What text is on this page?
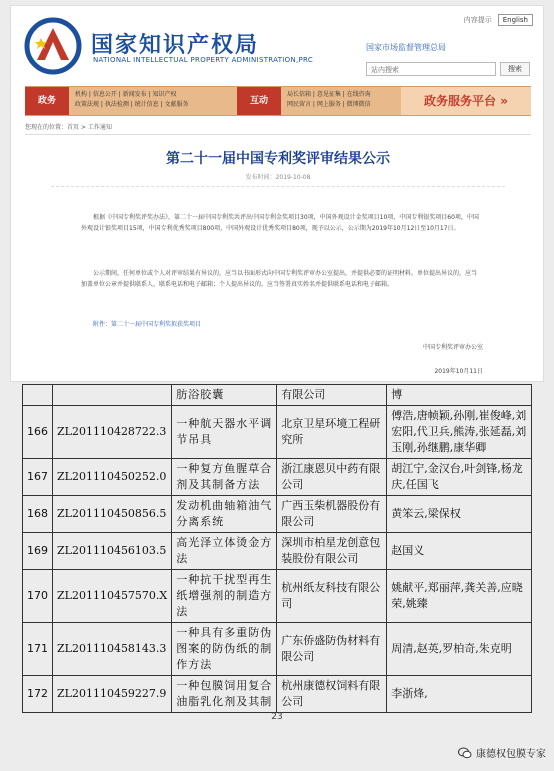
国家知识产权局
NATIONAL INTELLECTUAL PROPERTY ADMINISTRATION,PRC
内容提示	English
国家市场监督管理总局
站内搜索	搜索
政务
机构 | 信息公开 | 新闻发布 | 知识产权
政策法规 | 执法检测 | 统计信息 | 文献服务	互动
局长信箱 | 意见征集 | 在线咨询
网民留言 | 网上服务 | 微博微信	政务服务平台 »
您现在的位置：首页 > 工作通知
第二十一届中国专利奖评审结果公示
发布时间：2019-10-08
根据《中国专利奖评奖办法》，第二十一届中国专利奖共评出中国专利金奖项目30项，中国外观设计金奖项目10项，中国专利银奖项目60项，中国外观设计银奖项目15项，中国专利优秀奖项目800项，中国外观设计优秀奖项目80项，现予以公示，公示期为2019年10月12日至10月17日。
公示期间，任何单位或个人对评审结果有异议的，应当以书面形式向中国专利奖评审办公室提出，并提供必要的证明材料。单位提出异议的，应当加盖单位公章并提供联系人、联系电话和电子邮箱；个人提出异议的，应当签署真实姓名并提供联系电话和电子邮箱。
附件：第二十一届中国专利奖拟获奖项目
中国专利奖评审办公室
2019年10月11日
		肪浴胶囊	有限公司	博
166	ZL201110428722.3	一种航天器水平调节吊具	北京卫星环境工程研究所	傅浩,唐帧颖,孙刚,崔俊峰,刘宏阳,代卫兵,熊涛,张延磊,刘玉刚,孙继鹏,康华卿
167	ZL201110450252.0	一种复方鱼腥草合剂及其制备方法	浙江康恩贝中药有限公司	胡江宁,金汉台,叶剑锋,杨龙庆,任国飞
168	ZL201110450856.5	发动机曲轴箱油气分离系统	广西玉柴机器股份有限公司	黄笨云,梁保权
169	ZL201110456103.5	高光泽立体烫金方法	深圳市柏星龙创意包装股份有限公司	赵国义
170	ZL201110457570.X	一种抗干扰型再生纸增强剂的制造方法	杭州纸友科技有限公司	姚献平,郑丽萍,龚关善,应晓荣,姚臻
171	ZL201110458143.3	一种具有多重防伪图案的防伪纸的制作方法	广东侨盛防伪材料有限公司	周清,赵英,罗柏奇,朱克明
172	ZL201110459227.9	一种包膜饲用复合油脂乳化剂及其制	杭州康德权饲料有限公司	李浙烽,
23
康德权包膜专家
